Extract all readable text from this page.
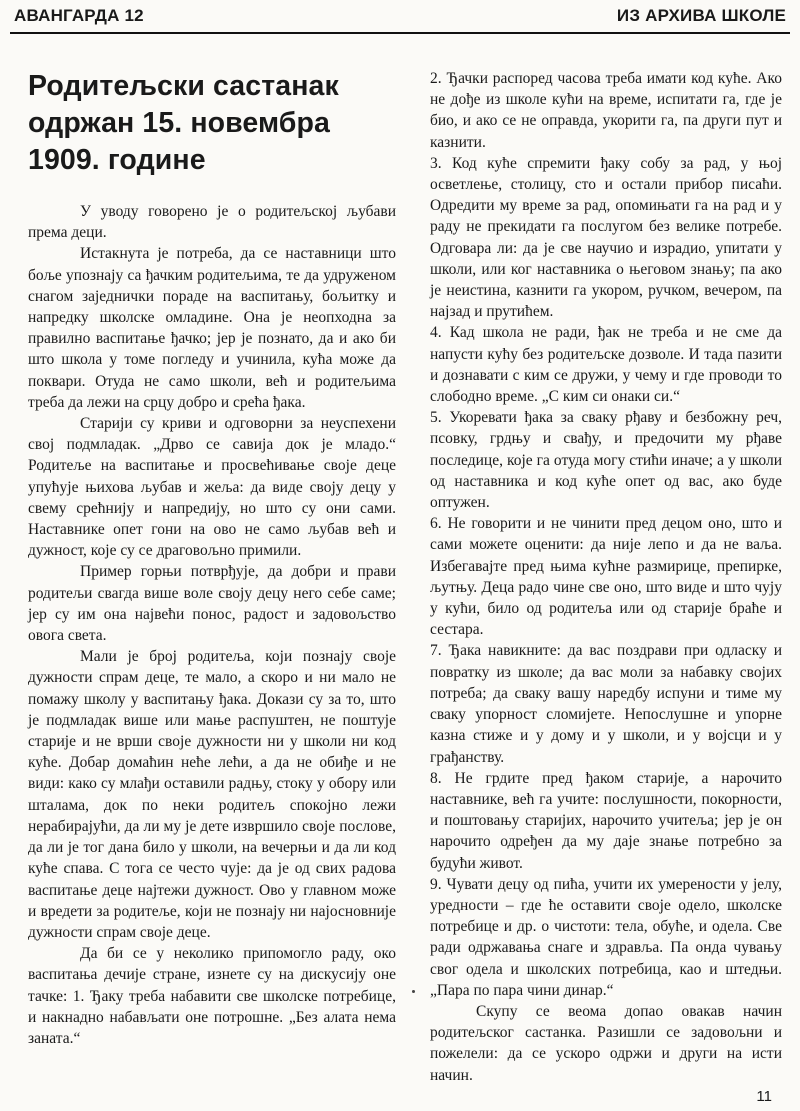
АВАНГАРДА 12	ИЗ АРХИВА ШКОЛЕ
Родитељски састанак одржан 15. новембра 1909. године

У уводу говорено је о родитељској љубави према деци.

Истакнута је потреба, да се наставници што боље упознају са ђачким родитељима, те да удруженом снагом заједнички пораде на васпитању, бољитку и напредку школске омладине. Она је неопходна за правилно васпитање ђачко; јер је познато, да и ако би што школа у томе погледу и учинила, кућа може да поквари. Отуда не само школи, већ и родитељима треба да лежи на срцу добро и срећа ђака.

Старији су криви и одговорни за неуспехени свој подмладак. „Дрво се савија док је младо.“ Родитеље на васпитање и просвећивање своје деце упућује њихова љубав и жеља: да виде своју децу у свему срећнију и напредију, но што су они сами. Наставнике опет гони на ово не само љубав већ и дужност, које су се драговољно примили.

Пример горњи потврђује, да добри и прави родитељи свагда више воле своју децу него себе саме; јер су им она највећи понос, радост и задовољство овога света.

Мали је број родитеља, који познају своје дужности спрам деце, те мало, а скоро и ни мало не помажу школу у васпитању ђака. Докази су за то, што је подмладак више или мање распуштен, не поштује старије и не врши своје дужности ни у школи ни код куће. Добар домаћин неће лећи, а да не обиђе и не види: како су млађи оставили радњу, стоку у обору или шталама, док по неки родитељ спокојно лежи нерабирајући, да ли му је дете извршило своје послове, да ли је тог дана било у школи, на вечерњи и да ли код куће спава. С тога се често чује: да је од свих радова васпитање деце најтежи дужност. Ово у главном може и вредети за родитеље, који не познају ни најосновније дужности спрам своје деце.

Да би се у неколико припомогло раду, око васпитања дечије стране, изнете су на дискусију оне тачке: 1. Ђаку треба набавити све школске потребице, и накнадно набављати оне потрошне. „Без алата нема заната.“

2. Ђачки распоред часова треба имати код куће. Ако не дође из школе кући на време, испитати га, где је био, и ако се не оправда, укорити га, па други пут и казнити.

3. Код куће спремити ђаку собу за рад, у њој осветлење, столицу, сто и остали прибор писаћи. Одредити му време за рад, опомињати га на рад и у раду не прекидати га послугом без велике потребе. Одговара ли: да је све научио и израдио, упитати у школи, или ког наставника о његовом знању; па ако је неистина, казнити га укором, ручком, вечером, па најзад и прутићем.

4. Кад школа не ради, ђак не треба и не сме да напусти кућу без родитељске дозволе. И тада пазити и дознавати с ким се дружи, у чему и где проводи то слободно време. „С ким си онаки си.“

5. Укоревати ђака за сваку рђаву и безбожну реч, псовку, грдњу и свађу, и предочити му рђаве последице, које га отуда могу стићи иначе; а у школи од наставника и код куће опет од вас, ако буде оптужен.

6. Не говорити и не чинити пред децом оно, што и сами можете оценити: да није лепо и да не ваља. Избегавајте пред њима кућне размирице, препирке, љутњу. Деца радо чине све оно, што виде и што чују у кући, било од родитеља или од старије браће и сестара.

7. Ђака навикните: да вас поздрави при одласку и повратку из школе; да вас моли за набавку својих потреба; да сваку вашу наредбу испуни и тиме му сваку упорност сломијете. Непослушне и упорне казна стиже и у дому и у школи, и у војсци и у грађанству.

8. Не грдите пред ђаком старије, а нарочито наставнике, већ га учите: послушности, покорности, и поштовању старијих, нарочито учитеља; јер је он нарочито одређен да му даје знање потребно за будући живот.

9. Чувати децу од пића, учити их умерености у јелу, уредности – где ће оставити своје одело, школске потребице и др. о чистоти: тела, обуће, и одела. Све ради одржавања снаге и здравља. Па онда чувању свог одела и школских потребица, као и штедњи. „Пара по пара чини динар.“

Скупу се веома допао овакав начин родитељског састанка. Разишли се задовољни и пожелели: да се ускоро одржи и други на исти начин.

11
